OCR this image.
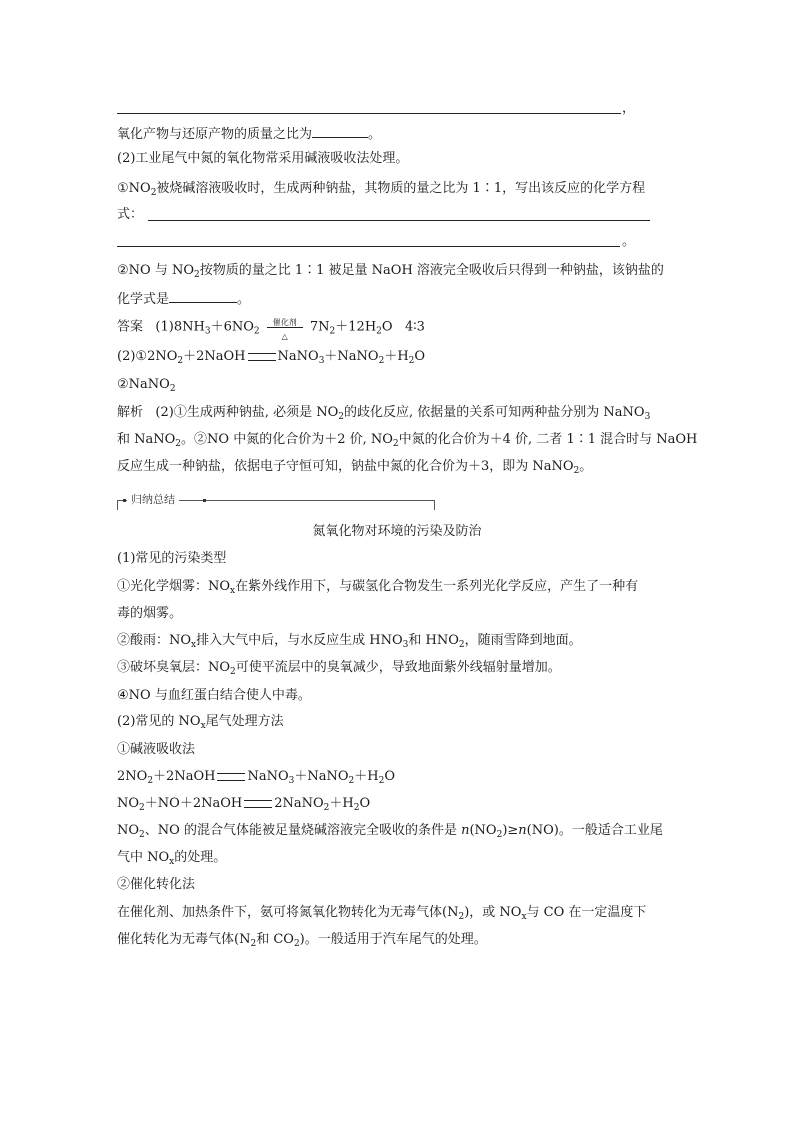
，
氧化产物与还原产物的质量之比为	。
(2)工业尾气中氮的氧化物常采用碱液吸收法处理。
$①NO_2$被烧碱溶液吸收时，生成两种钠盐，其物质的量之比为 1∶1，写出该反应的化学方程
式：
。
②NO 与 $NO_2$按物质的量之比 1∶1 被足量 NaOH 溶液完全吸收后只得到一种钠盐，该钠盐的
化学式是	。
答案 $(1)8NH_3+6NO_2$
催化剂
△
$7N_2+12H_2O$ 4∶3
$(2)①2NO_2+2NaOH$ $NaNO_3+NaNO_2+H_2O$
②NaNO$_2$
解析 (2)①生成两种钠盐, 必须是 $NO_2$的歧化反应, 依据量的关系可知两种盐分别为 NaNO$_3$
和 NaNO$_2$。②NO 中氮的化合价为＋2 价, $NO_2$中氮的化合价为＋4 价, 二者 1∶1 混合时与 NaOH
反应生成一种钠盐，依据电子守恒可知，钠盐中氮的化合价为＋3，即为 NaNO$_2$。
归纳总结
氮氧化物对环境的污染及防治
(1)常见的污染类型
①光化学烟雾：$NO_x$在紫外线作用下，与碳氢化合物发生一系列光化学反应，产生了一种有
毒的烟雾。
②酸雨：$NO_x$排入大气中后，与水反应生成 $HNO_3$和 $HNO_2$，随雨雪降到地面。
③破坏臭氧层：$NO_2$可使平流层中的臭氧减少，导致地面紫外线辐射量增加。
④NO 与血红蛋白结合使人中毒。
(2)常见的 $NO_x$尾气处理方法
①碱液吸收法
$2NO_2+2NaOH$ $NaNO_3+NaNO_2+H_2O$
$NO_2+NO+2NaOH$ $2NaNO_2+H_2O$
$NO_2$、NO 的混合气体能被足量烧碱溶液完全吸收的条件是 $n(NO_2)\ge n(NO)$。一般适合工业尾
气中 $NO_x$的处理。
②催化转化法
在催化剂、加热条件下，氨可将氮氧化物转化为无毒气体$(N_2)$，或 $NO_x$与 CO 在一定温度下
催化转化为无毒气体($N_2$和 $CO_2$)。一般适用于汽车尾气的处理。
